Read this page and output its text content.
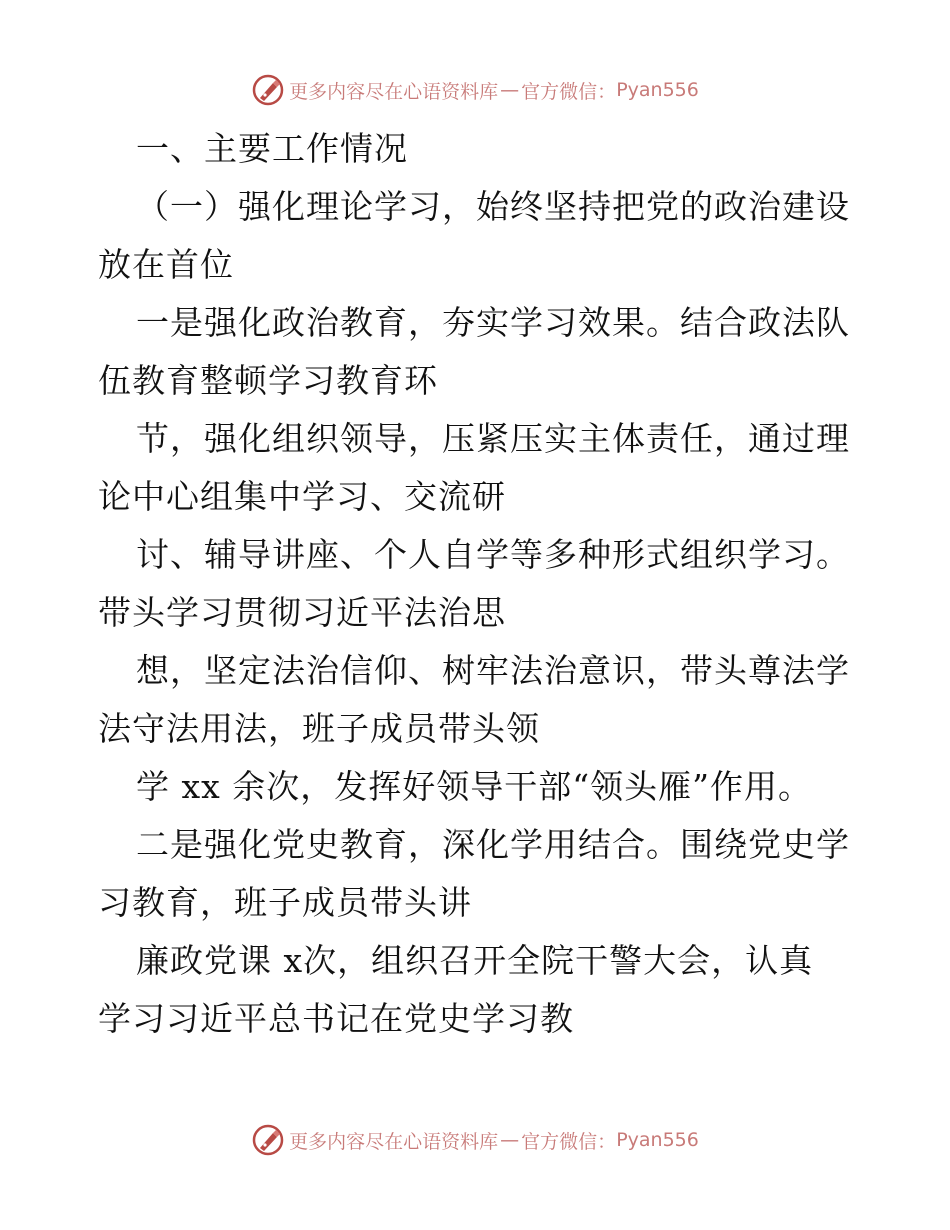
更多内容尽在心语资料库 — 官方微信： Pyan556

一、主要工作情况

（一）强化理论学习，始终坚持把党的政治建设

放在首位

一是强化政治教育，夯实学习效果。结合政法队

伍教育整顿学习教育环

节，强化组织领导，压紧压实主体责任，通过理

论中心组集中学习、交流研

讨、辅导讲座、个人自学等多种形式组织学习。

带头学习贯彻习近平法治思

想，坚定法治信仰、树牢法治意识，带头尊法学

法守法用法，班子成员带头领

学 xx 余次，发挥好领导干部“领头雁”作用。

二是强化党史教育，深化学用结合。围绕党史学

习教育，班子成员带头讲

廉政党课 x次，组织召开全院干警大会，认真

学习习近平总书记在党史学习教

更多内容尽在心语资料库 — 官方微信： Pyan556
